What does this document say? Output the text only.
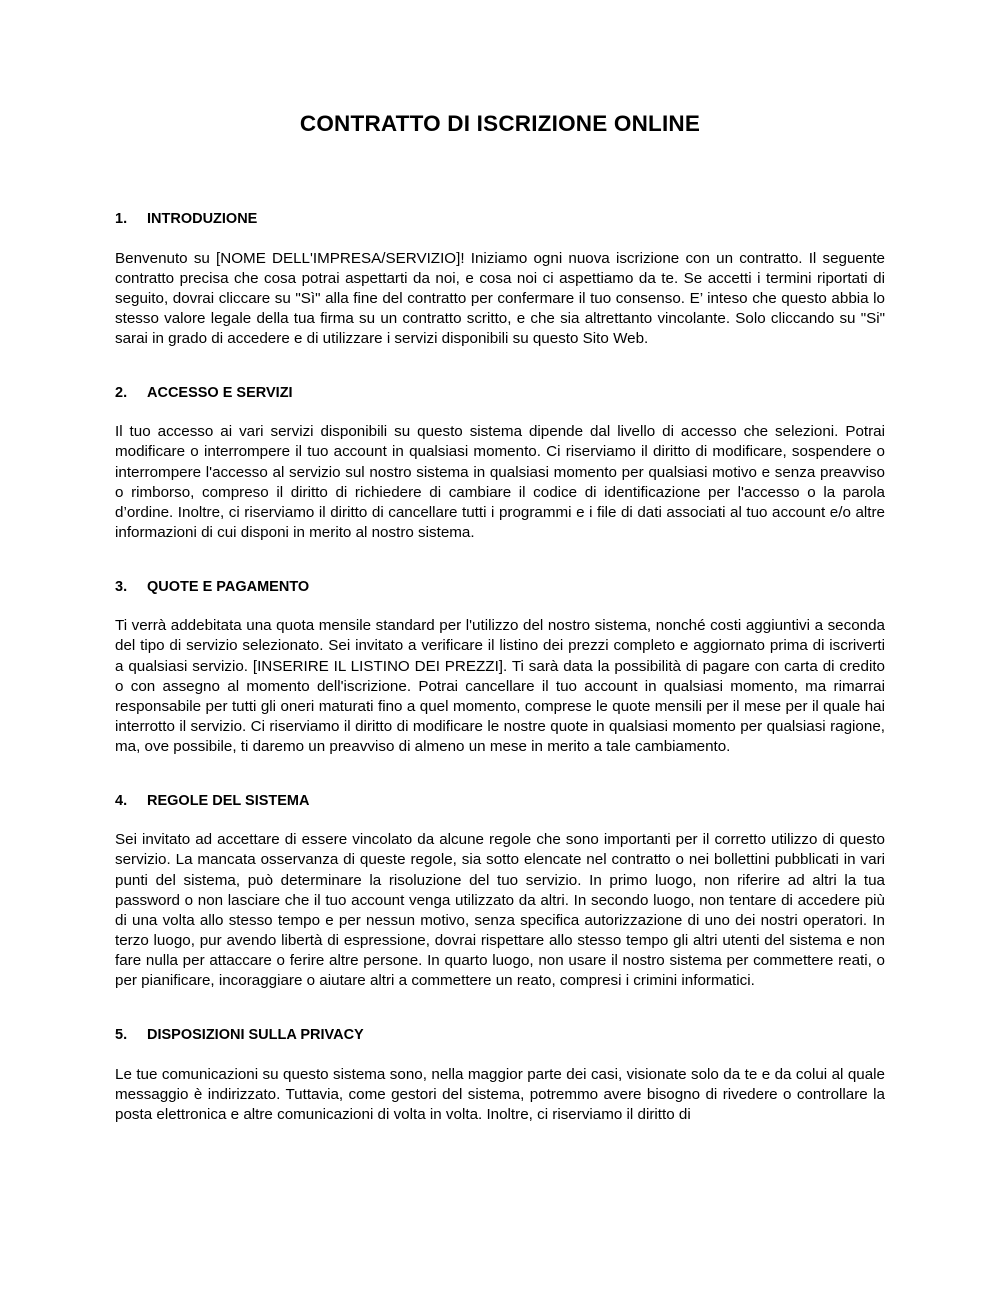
CONTRATTO DI ISCRIZIONE ONLINE
1.	INTRODUZIONE

Benvenuto su [NOME DELL'IMPRESA/SERVIZIO]! Iniziamo ogni nuova iscrizione con un contratto. Il seguente contratto precisa che cosa potrai aspettarti da noi, e cosa noi ci aspettiamo da te. Se accetti i termini riportati di seguito, dovrai cliccare su "Sì" alla fine del contratto per confermare il tuo consenso. E’ inteso che questo abbia lo stesso valore legale della tua firma su un contratto scritto, e che sia altrettanto vincolante. Solo cliccando su "Si" sarai in grado di accedere e di utilizzare i servizi disponibili su questo Sito Web.

2.	ACCESSO E SERVIZI

Il tuo accesso ai vari servizi disponibili su questo sistema dipende dal livello di accesso che selezioni. Potrai modificare o interrompere il tuo account in qualsiasi momento. Ci riserviamo il diritto di modificare, sospendere o interrompere l'accesso al servizio sul nostro sistema in qualsiasi momento per qualsiasi motivo e senza preavviso o rimborso, compreso il diritto di richiedere di cambiare il codice di identificazione per l'accesso o la parola d’ordine. Inoltre, ci riserviamo il diritto di cancellare tutti i programmi e i file di dati associati al tuo account e/o altre informazioni di cui disponi in merito al nostro sistema.

3.	QUOTE E PAGAMENTO

Ti verrà addebitata una quota mensile standard per l'utilizzo del nostro sistema, nonché costi aggiuntivi a seconda del tipo di servizio selezionato. Sei invitato a verificare il listino dei prezzi completo e aggiornato prima di iscriverti a qualsiasi servizio. [INSERIRE IL LISTINO DEI PREZZI]. Ti sarà data la possibilità di pagare con carta di credito o con assegno al momento dell'iscrizione. Potrai cancellare il tuo account in qualsiasi momento, ma rimarrai responsabile per tutti gli oneri maturati fino a quel momento, comprese le quote mensili per il mese per il quale hai interrotto il servizio. Ci riserviamo il diritto di modificare le nostre quote in qualsiasi momento per qualsiasi ragione, ma, ove possibile, ti daremo un preavviso di almeno un mese in merito a tale cambiamento.

4.	REGOLE DEL SISTEMA

Sei invitato ad accettare di essere vincolato da alcune regole che sono importanti per il corretto utilizzo di questo servizio. La mancata osservanza di queste regole, sia sotto elencate nel contratto o nei bollettini pubblicati in vari punti del sistema, può determinare la risoluzione del tuo servizio. In primo luogo, non riferire ad altri la tua password o non lasciare che il tuo account venga utilizzato da altri. In secondo luogo, non tentare di accedere più di una volta allo stesso tempo e per nessun motivo, senza specifica autorizzazione di uno dei nostri operatori. In terzo luogo, pur avendo libertà di espressione, dovrai rispettare allo stesso tempo gli altri utenti del sistema e non fare nulla per attaccare o ferire altre persone. In quarto luogo, non usare il nostro sistema per commettere reati, o per pianificare, incoraggiare o aiutare altri a commettere un reato, compresi i crimini informatici.

5.	DISPOSIZIONI SULLA PRIVACY

Le tue comunicazioni su questo sistema sono, nella maggior parte dei casi, visionate solo da te e da colui al quale messaggio è indirizzato. Tuttavia, come gestori del sistema, potremmo avere bisogno di rivedere o controllare la posta elettronica e altre comunicazioni di volta in volta. Inoltre, ci riserviamo il diritto di
